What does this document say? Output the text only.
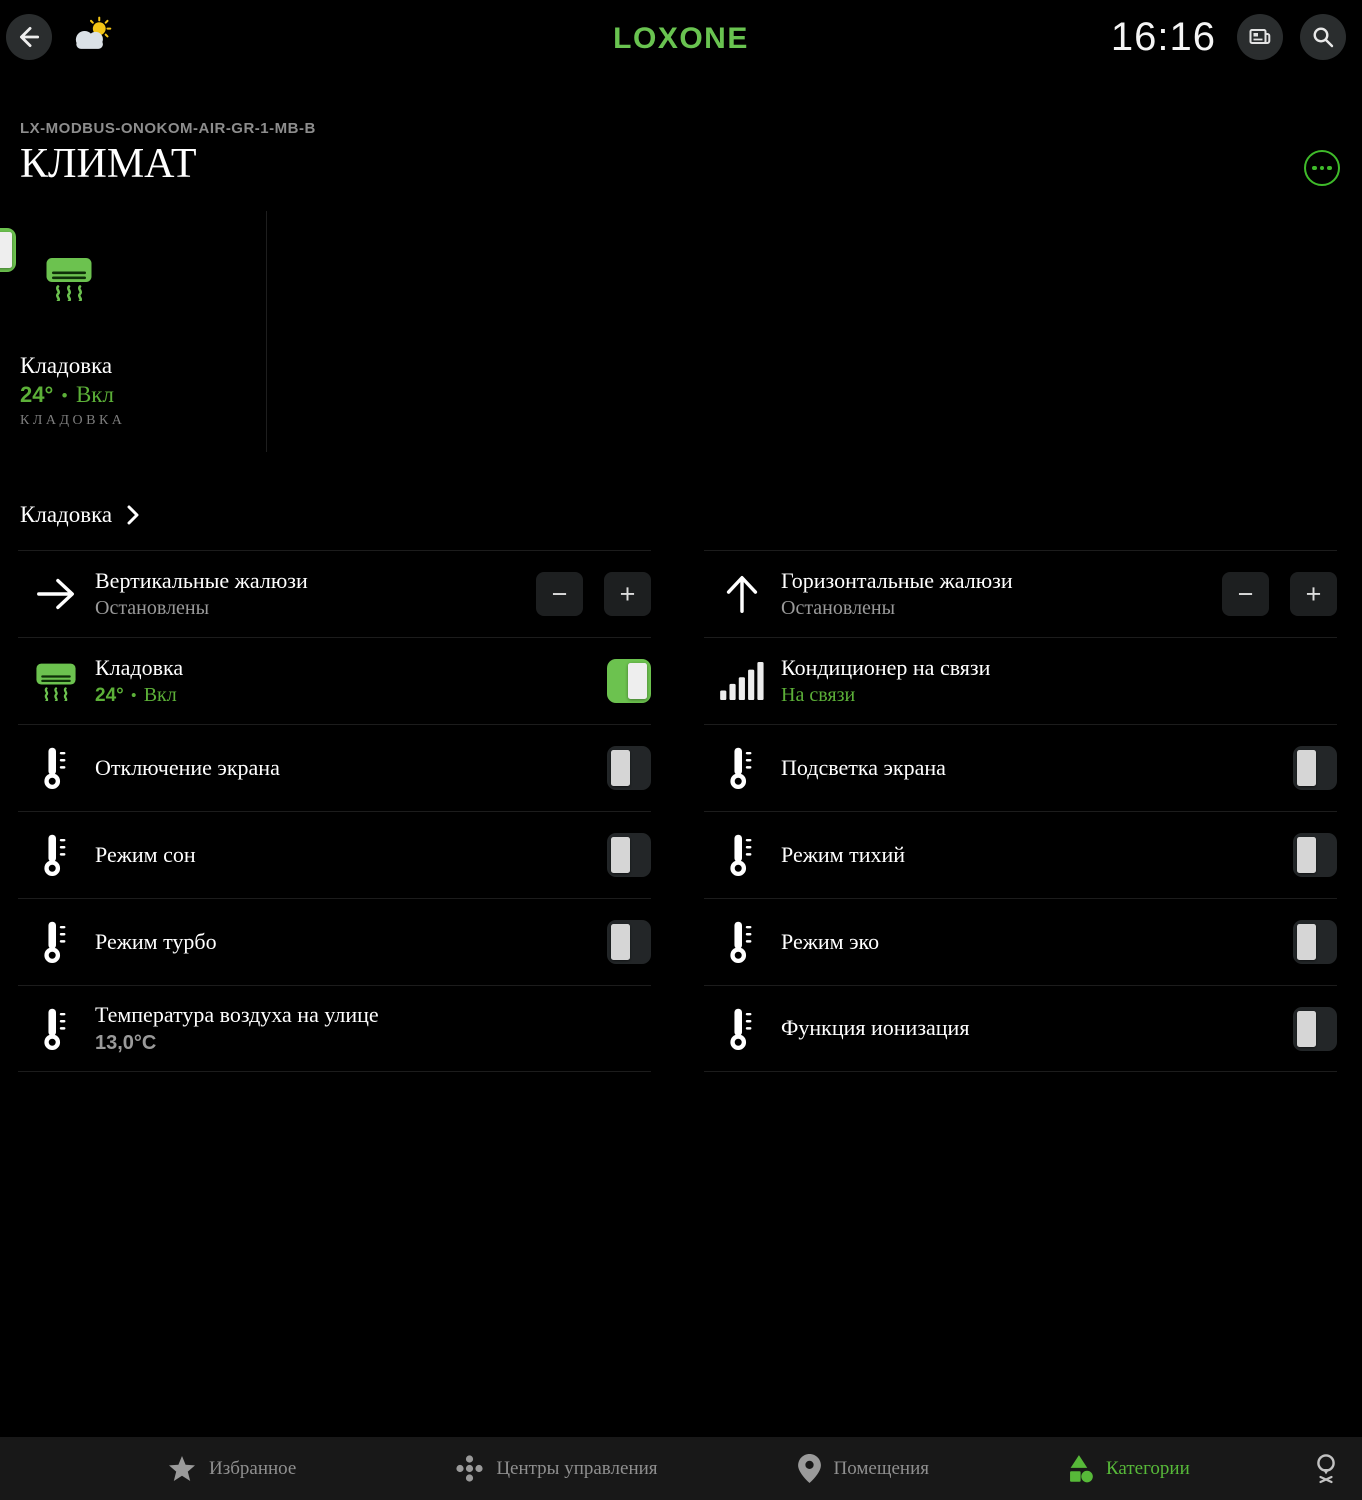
LOXONE	16:16
LX-MODBUS-ONOKOM-AIR-GR-1-MB-B
КЛИМАТ
Кладовка
24° • Вкл
КЛАДОВКА
Кладовка
Вертикальные жалюзи
Остановлены	−	+
Кладовка
24° • Вкл
Отключение экрана
Режим сон
Режим турбо
Температура воздуха на улице
13,0°С
Горизонтальные жалюзи
Остановлены	−	+
Кондиционер на связи
На связи
Подсветка экрана
Режим тихий
Режим эко
Функция ионизация
Избранное	Центры управления	Помещения	Категории
